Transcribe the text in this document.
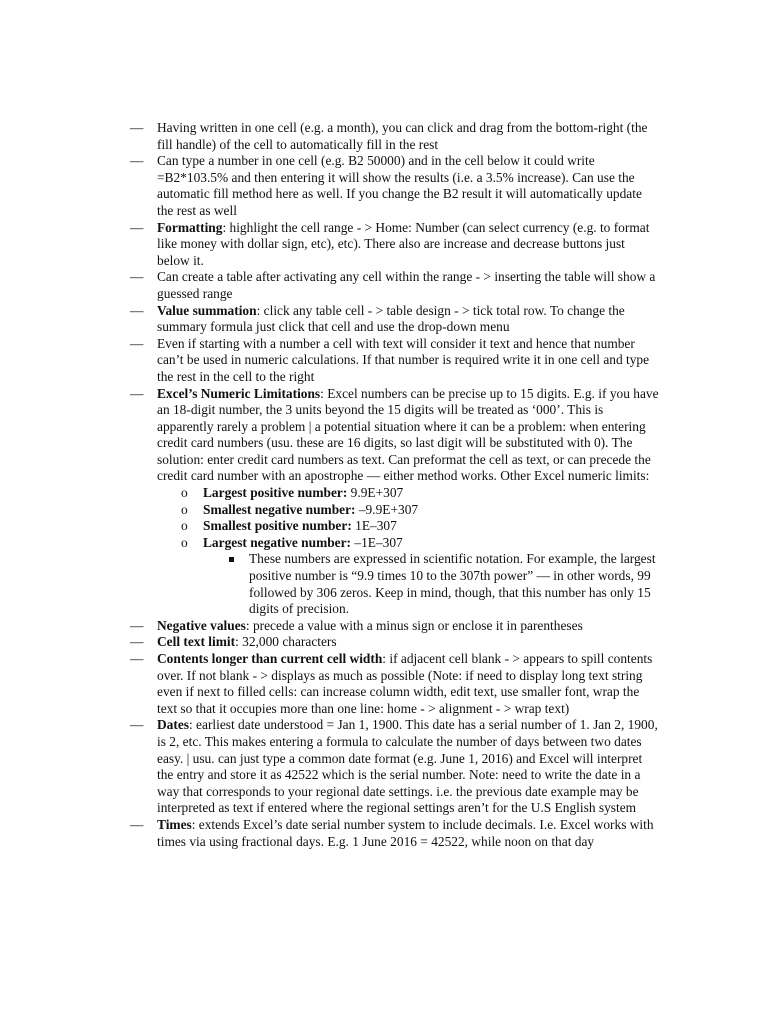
—	Having written in one cell (e.g. a month), you can click and drag from the bottom-right (the fill handle) of the cell to automatically fill in the rest
—	Can type a number in one cell (e.g. B2 50000) and in the cell below it could write =B2*103.5% and then entering it will show the results (i.e. a 3.5% increase). Can use the automatic fill method here as well. If you change the B2 result it will automatically update the rest as well
—	Formatting: highlight the cell range - > Home: Number (can select currency (e.g. to format like money with dollar sign, etc), etc). There also are increase and decrease buttons just below it.
—	Can create a table after activating any cell within the range - > inserting the table will show a guessed range
—	Value summation: click any table cell - > table design - > tick total row. To change the summary formula just click that cell and use the drop-down menu
—	Even if starting with a number a cell with text will consider it text and hence that number can’t be used in numeric calculations. If that number is required write it in one cell and type the rest in the cell to the right
—	Excel’s Numeric Limitations: Excel numbers can be precise up to 15 digits. E.g. if you have an 18-digit number, the 3 units beyond the 15 digits will be treated as ‘000’. This is apparently rarely a problem | a potential situation where it can be a problem: when entering credit card numbers (usu. these are 16 digits, so last digit will be substituted with 0). The solution: enter credit card numbers as text. Can preformat the cell as text, or can precede the credit card number with an apostrophe — either method works. Other Excel numeric limits:
o Largest positive number: 9.9E+307
o Smallest negative number: –9.9E+307
o Smallest positive number: 1E–307
o Largest negative number: –1E–307
These numbers are expressed in scientific notation. For example, the largest positive number is “9.9 times 10 to the 307th power” — in other words, 99 followed by 306 zeros. Keep in mind, though, that this number has only 15 digits of precision.
—	Negative values: precede a value with a minus sign or enclose it in parentheses
—	Cell text limit: 32,000 characters
—	Contents longer than current cell width: if adjacent cell blank - > appears to spill contents over. If not blank - > displays as much as possible (Note: if need to display long text string even if next to filled cells: can increase column width, edit text, use smaller font, wrap the text so that it occupies more than one line: home - > alignment - > wrap text)
—	Dates: earliest date understood = Jan 1, 1900. This date has a serial number of 1. Jan 2, 1900, is 2, etc. This makes entering a formula to calculate the number of days between two dates easy. | usu. can just type a common date format (e.g. June 1, 2016) and Excel will interpret the entry and store it as 42522 which is the serial number. Note: need to write the date in a way that corresponds to your regional date settings. i.e. the previous date example may be interpreted as text if entered where the regional settings aren’t for the U.S English system
—	Times: extends Excel’s date serial number system to include decimals. I.e. Excel works with times via using fractional days. E.g. 1 June 2016 = 42522, while noon on that day
